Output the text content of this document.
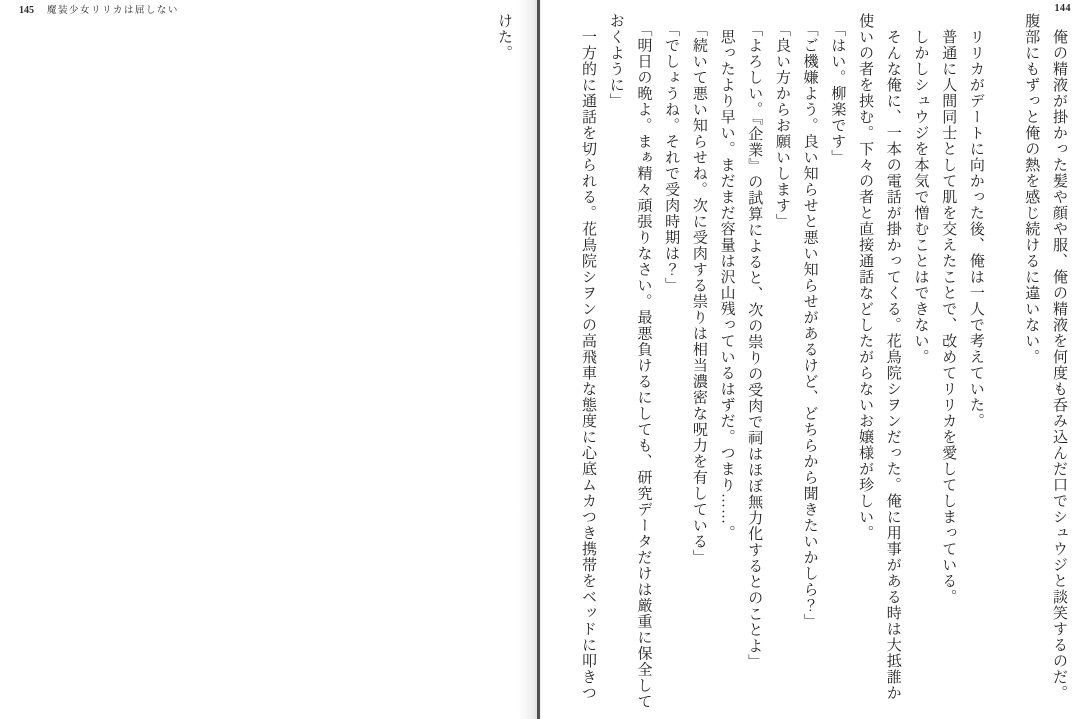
145 魔装少女リリカは屈しない

けた。

144

　俺の精液が掛かった髪や顔や服、俺の精液を何度も呑み込んだ口でシュウジと談笑するのだ。

腹部にもずっと俺の熱を感じ続けるに違いない。

　リリカがデートに向かった後、俺は一人で考えていた。

　普通に人間同士として肌を交えたことで、改めてリリカを愛してしまっている。

　しかしシュウジを本気で憎むことはできない。

　そんな俺に、一本の電話が掛かってくる。花鳥院シヲンだった。俺に用事がある時は大抵誰か

使いの者を挟む。下々の者と直接通話などしたがらないお嬢様が珍しい。

　「はい。柳楽です」

　「ご機嫌よう。良い知らせと悪い知らせがあるけど、どちらから聞きたいかしら？」

　「良い方からお願いします」

　「よろしい。『企業』の試算によると、次の祟りの受肉で祠はほぼ無力化するとのことよ」

　思ったより早い。まだまだ容量は沢山残っているはずだ。つまり……。

　「続いて悪い知らせね。次に受肉する祟りは相当濃密な呪力を有している」

　「でしょうね。それで受肉時期は？」

　「明日の晩よ。まぁ精々頑張りなさい。最悪負けるにしても、研究データだけは厳重に保全して

おくように」

　一方的に通話を切られる。花鳥院シヲンの高飛車な態度に心底ムカつき携帯をベッドに叩きつ
